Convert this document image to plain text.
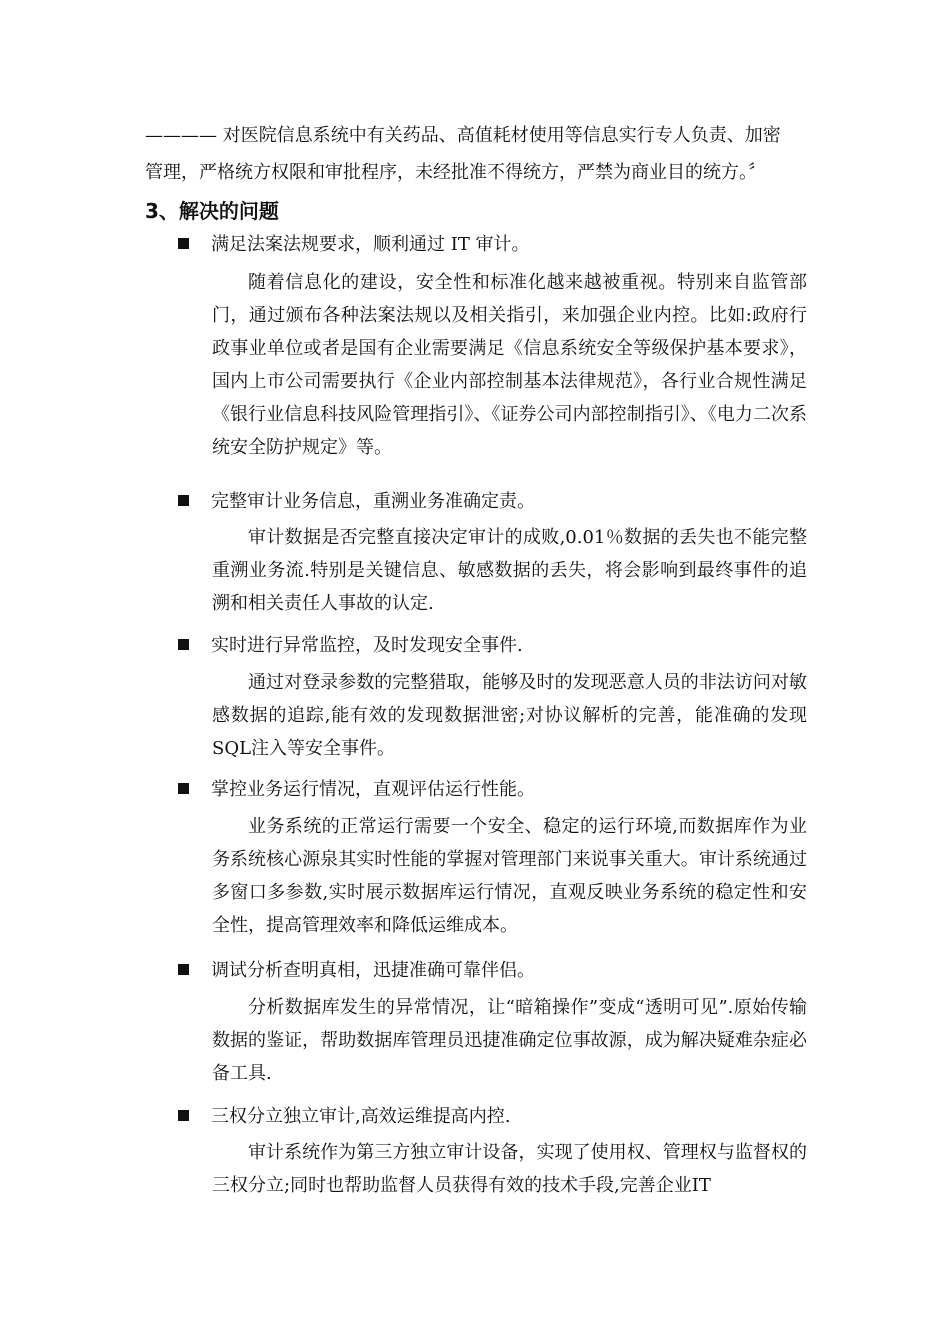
———— 对医院信息系统中有关药品、高值耗材使用等信息实行专人负责、加密
管理，严格统方权限和审批程序，未经批准不得统方，严禁为商业目的统方。〞
3、解决的问题
满足法案法规要求，顺利通过 IT 审计。
随着信息化的建设，安全性和标准化越来越被重视。特别来自监管部门，通过颁布各种法案法规以及相关指引，来加强企业内控。比如:政府行政事业单位或者是国有企业需要满足《信息系统安全等级保护基本要求》，国内上市公司需要执行《企业内部控制基本法律规范》，各行业合规性满足《银行业信息科技风险管理指引》、《证券公司内部控制指引》、《电力二次系统安全防护规定》等。
完整审计业务信息，重溯业务准确定责。
审计数据是否完整直接决定审计的成败,0.01％数据的丢失也不能完整重溯业务流.特别是关键信息、敏感数据的丢失，将会影响到最终事件的追溯和相关责任人事故的认定.
实时进行异常监控，及时发现安全事件.
通过对登录参数的完整猎取，能够及时的发现恶意人员的非法访问对敏感数据的追踪,能有效的发现数据泄密;对协议解析的完善，能准确的发现SQL注入等安全事件。
掌控业务运行情况，直观评估运行性能。
业务系统的正常运行需要一个安全、稳定的运行环境,而数据库作为业务系统核心源泉其实时性能的掌握对管理部门来说事关重大。审计系统通过多窗口多参数,实时展示数据库运行情况，直观反映业务系统的稳定性和安全性，提高管理效率和降低运维成本。
调试分析查明真相，迅捷准确可靠伴侣。
分析数据库发生的异常情况，让“暗箱操作”变成“透明可见”.原始传输数据的鉴证，帮助数据库管理员迅捷准确定位事故源，成为解决疑难杂症必备工具.
三权分立独立审计,高效运维提高内控.
审计系统作为第三方独立审计设备，实现了使用权、管理权与监督权的三权分立;同时也帮助监督人员获得有效的技术手段,完善企业IT
